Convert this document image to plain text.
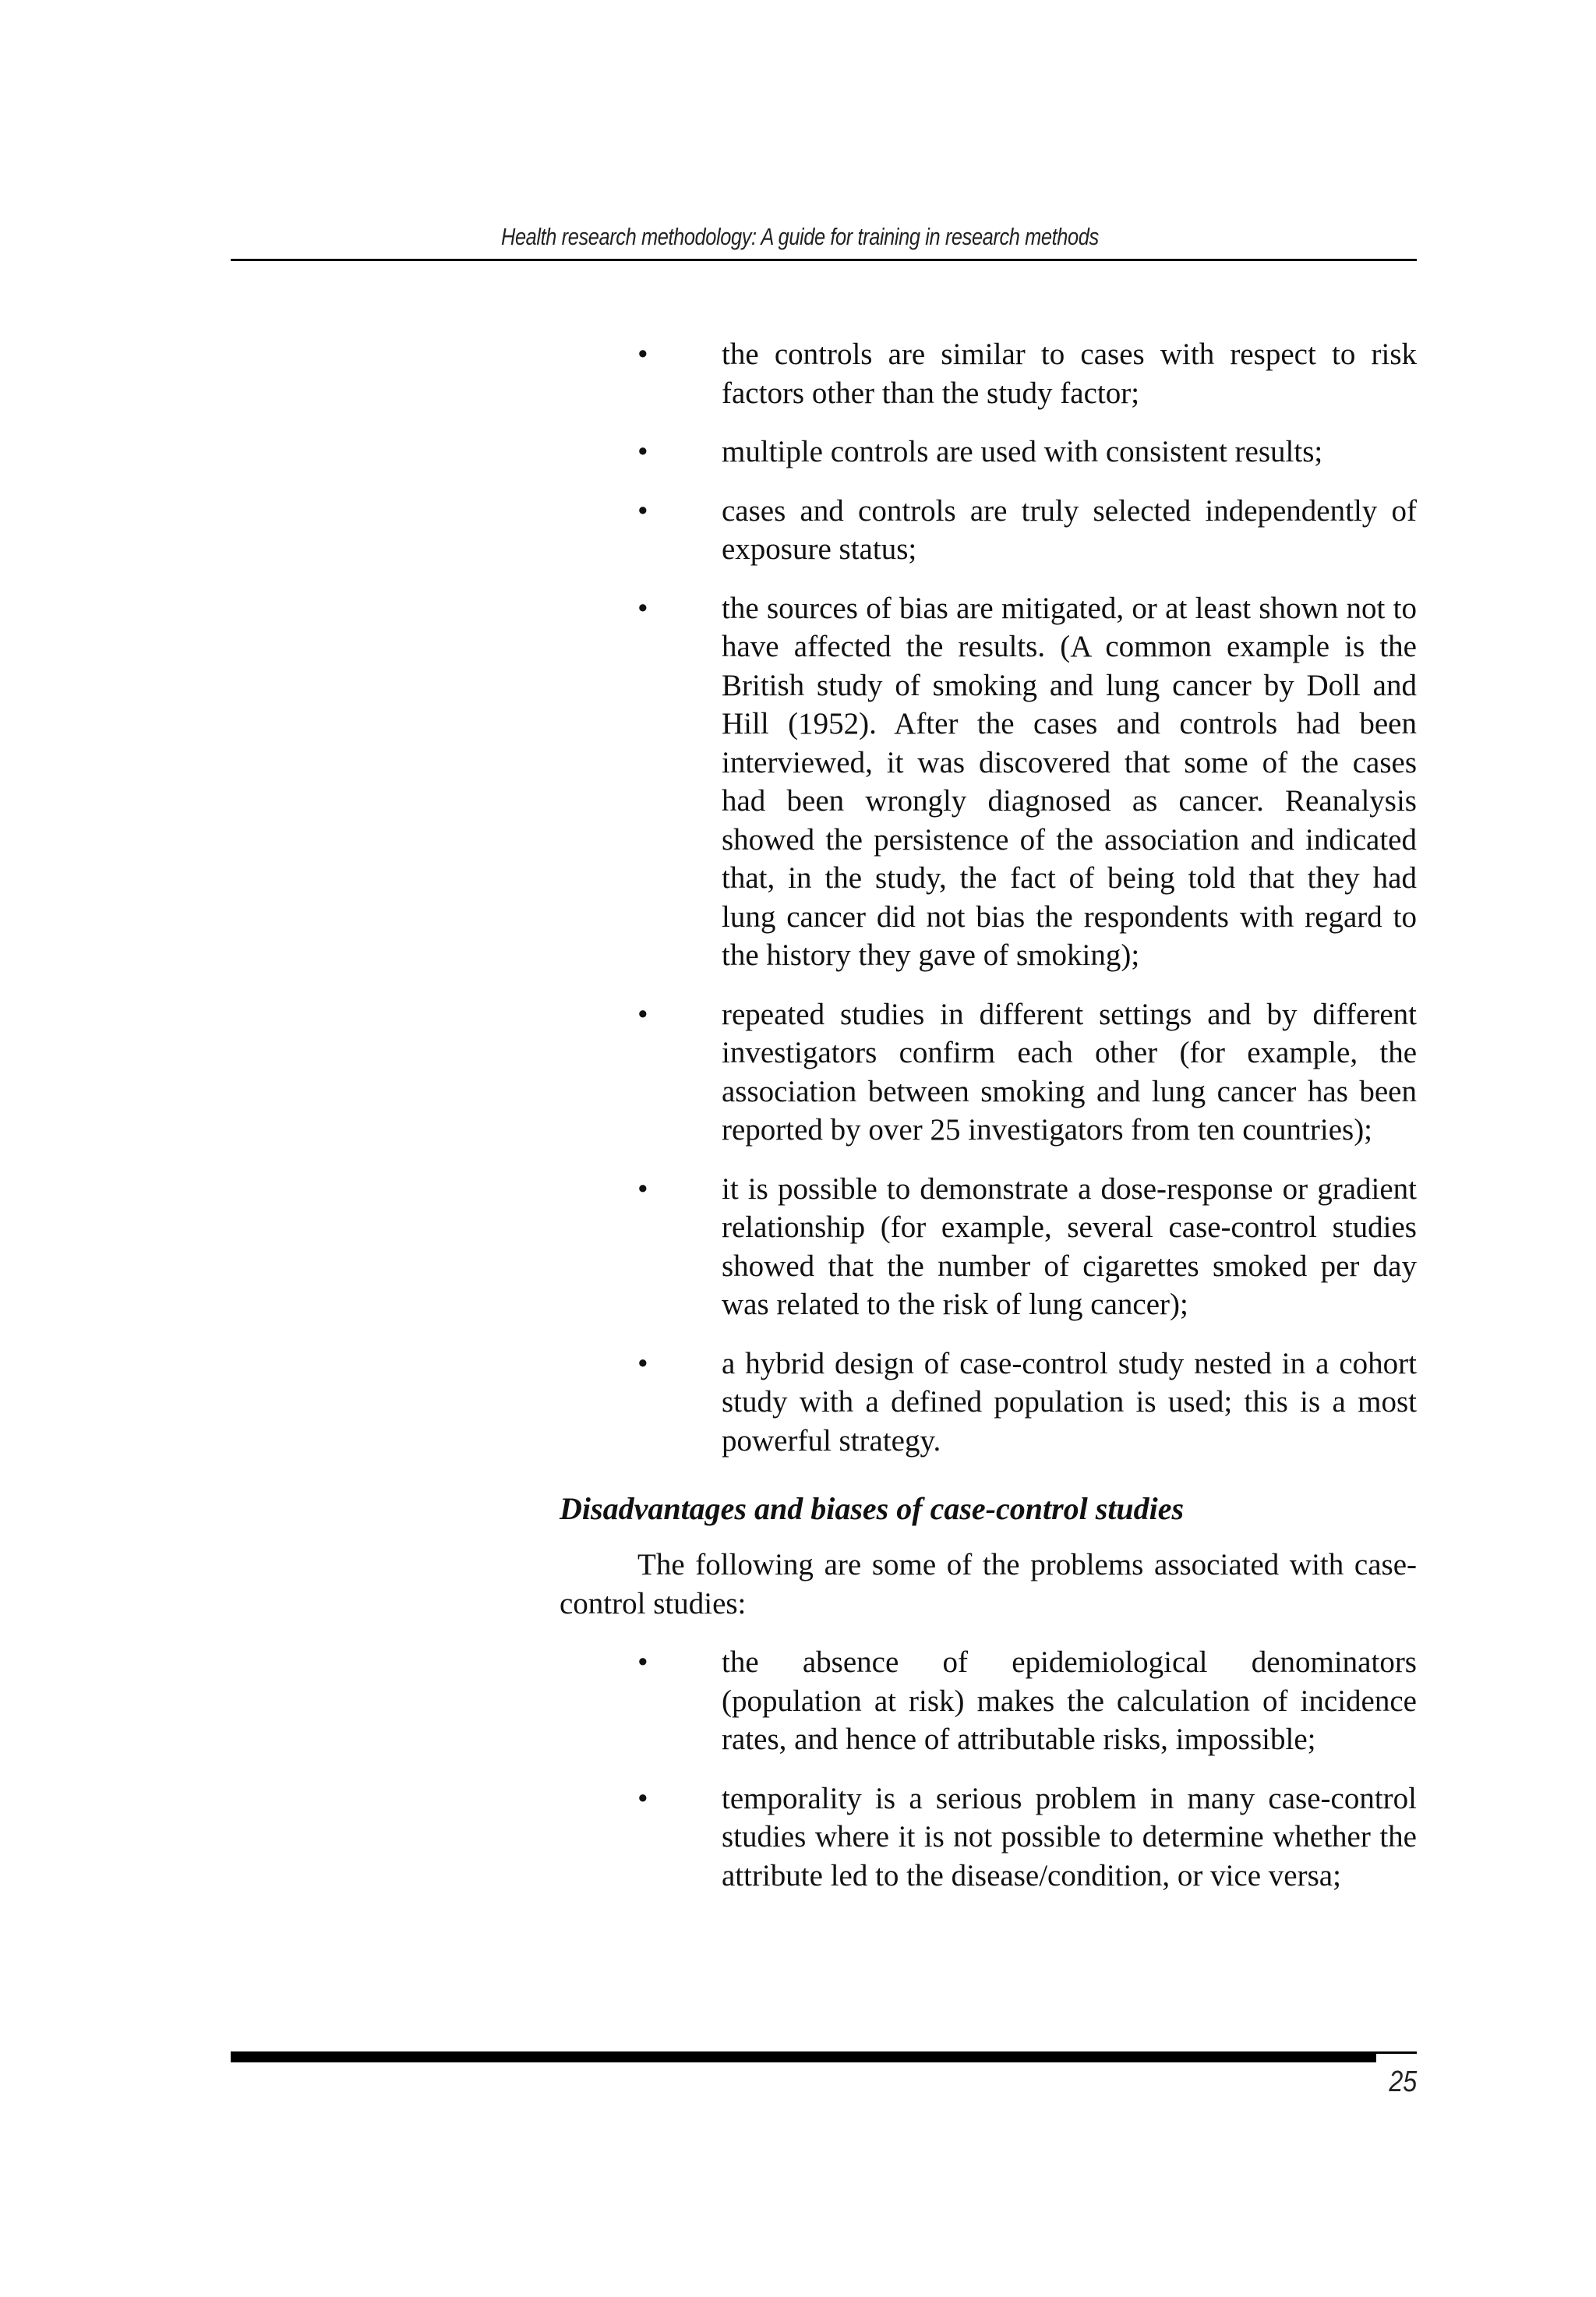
Health research methodology: A guide for training in research methods
• the controls are similar to cases with respect to risk factors other than the study factor;
• multiple controls are used with consistent results;
• cases and controls are truly selected independently of exposure status;
• the sources of bias are mitigated, or at least shown not to have affected the results. (A common example is the British study of smoking and lung cancer by Doll and Hill (1952). After the cases and controls had been interviewed, it was discovered that some of the cases had been wrongly diagnosed as cancer. Reanalysis showed the persistence of the association and indicated that, in the study, the fact of being told that they had lung cancer did not bias the respondents with regard to the history they gave of smoking);
• repeated studies in different settings and by different investigators confirm each other (for example, the association between smoking and lung cancer has been reported by over 25 investigators from ten countries);
• it is possible to demonstrate a dose-response or gradient relationship (for example, several case-control studies showed that the number of cigarettes smoked per day was related to the risk of lung cancer);
• a hybrid design of case-control study nested in a cohort study with a defined population is used; this is a most powerful strategy.
Disadvantages and biases of case-control studies

The following are some of the problems associated with case-control studies:

• the absence of epidemiological denominators (population at risk) makes the calculation of incidence rates, and hence of attributable risks, impossible;
• temporality is a serious problem in many case-control studies where it is not possible to determine whether the attribute led to the disease/condition, or vice versa;
25
